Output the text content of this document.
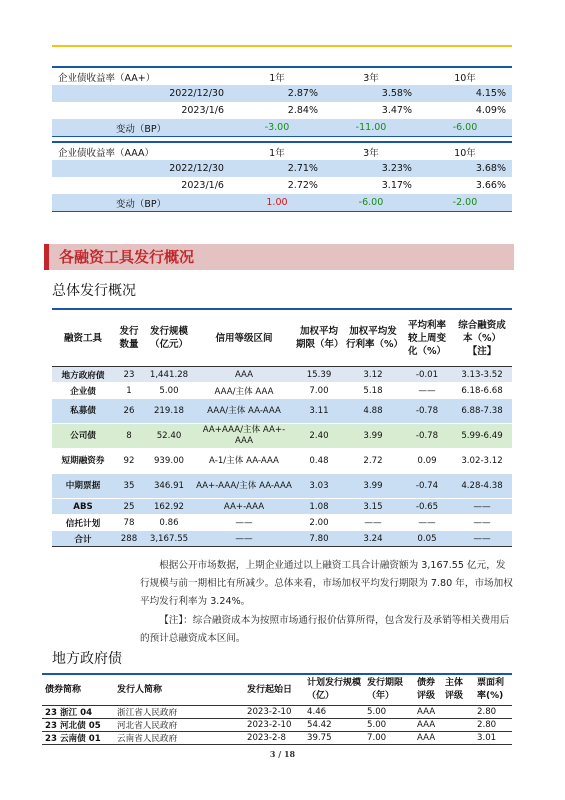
企业债收益率（AA+）	1年	3年	10年
2022/12/30	2.87%	3.58%	4.15%
2023/1/6	2.84%	3.47%	4.09%
变动（BP）	-3.00	-11.00	-6.00
企业债收益率（AAA）	1年	3年	10年
2022/12/30	2.71%	3.23%	3.68%
2023/1/6	2.72%	3.17%	3.66%
变动（BP）	1.00	-6.00	-2.00
各融资工具发行概况
总体发行概况
融资工具	发行数量	发行规模（亿元）	信用等级区间	加权平均期限（年）	加权平均发行利率（%）	平均利率较上周变化（%）	综合融资成本（%）【注】
地方政府债	23	1,441.28	AAA	15.39	3.12	-0.01	3.13-3.52
企业债	1	5.00	AAA/主体 AAA	7.00	5.18	——	6.18-6.68
私募债	26	219.18	AAA/主体 AA-AAA	3.11	4.88	-0.78	6.88-7.38
公司债	8	52.40	AA+AAA/主体 AA+-AAA	2.40	3.99	-0.78	5.99-6.49
短期融资券	92	939.00	A-1/主体 AA-AAA	0.48	2.72	0.09	3.02-3.12
中期票据	35	346.91	AA+-AAA/主体 AA-AAA	3.03	3.99	-0.74	4.28-4.38
ABS	25	162.92	AA+-AAA	1.08	3.15	-0.65	——
信托计划	78	0.86	——	2.00	——	——	——
合计	288	3,167.55	——	7.80	3.24	0.05	——
根据公开市场数据，上期企业通过以上融资工具合计融资额为 3,167.55 亿元，发行规模与前一期相比有所减少。总体来看，市场加权平均发行期限为 7.80 年，市场加权平均发行利率为 3.24%。
【注】：综合融资成本为按照市场通行报价估算所得，包含发行及承销等相关费用后的预计总融资成本区间。
地方政府债
债券简称	发行人简称	发行起始日	计划发行规模（亿）	发行期限（年）	债券评级	主体评级	票面利率(%)
23 浙江 04	浙江省人民政府	2023-2-10	4.46	5.00	AAA		2.80
23 河北债 05	河北省人民政府	2023-2-10	54.42	5.00	AAA		2.80
23 云南债 01	云南省人民政府	2023-2-8	39.75	7.00	AAA		3.01
3 / 18
